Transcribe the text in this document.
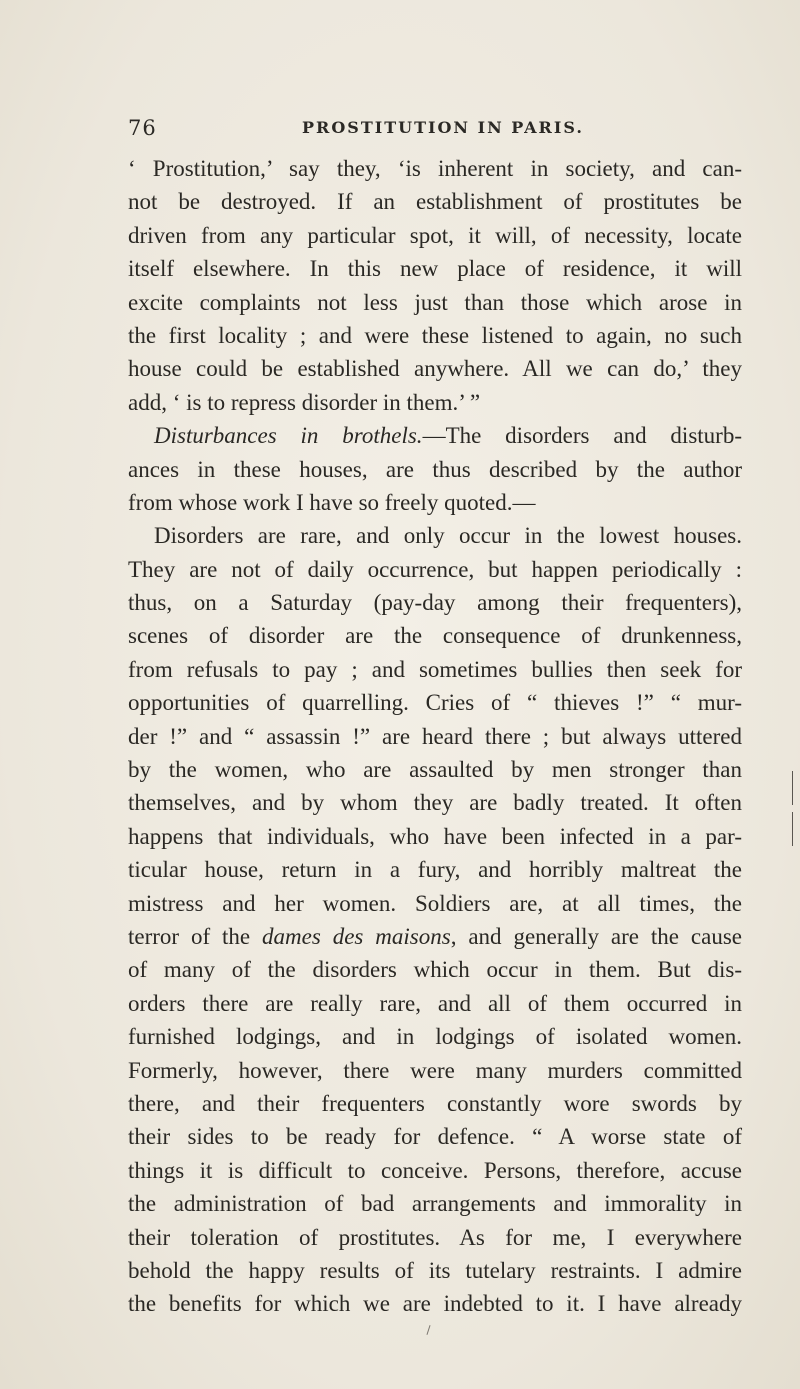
76	PROSTITUTION IN PARIS.
‘ Prostitution,’ say they, ‘is inherent in society, and can-
not be destroyed. If an establishment of prostitutes be
driven from any particular spot, it will, of necessity, locate
itself elsewhere. In this new place of residence, it will
excite complaints not less just than those which arose in
the first locality ; and were these listened to again, no such
house could be established anywhere. All we can do,’ they
add, ‘ is to repress disorder in them.’ ”
Disturbances in brothels.—The disorders and disturb-
ances in these houses, are thus described by the author
from whose work I have so freely quoted.—
Disorders are rare, and only occur in the lowest houses.
They are not of daily occurrence, but happen periodically :
thus, on a Saturday (pay-day among their frequenters),
scenes of disorder are the consequence of drunkenness,
from refusals to pay ; and sometimes bullies then seek for
opportunities of quarrelling. Cries of “ thieves !” “ mur-
der !” and “ assassin !” are heard there ; but always uttered
by the women, who are assaulted by men stronger than
themselves, and by whom they are badly treated. It often
happens that individuals, who have been infected in a par-
ticular house, return in a fury, and horribly maltreat the
mistress and her women. Soldiers are, at all times, the
terror of the dames des maisons, and generally are the cause
of many of the disorders which occur in them. But dis-
orders there are really rare, and all of them occurred in
furnished lodgings, and in lodgings of isolated women.
Formerly, however, there were many murders committed
there, and their frequenters constantly wore swords by
their sides to be ready for defence. “ A worse state of
things it is difficult to conceive. Persons, therefore, accuse
the administration of bad arrangements and immorality in
their toleration of prostitutes. As for me, I everywhere
behold the happy results of its tutelary restraints. I admire
the benefits for which we are indebted to it. I have already
